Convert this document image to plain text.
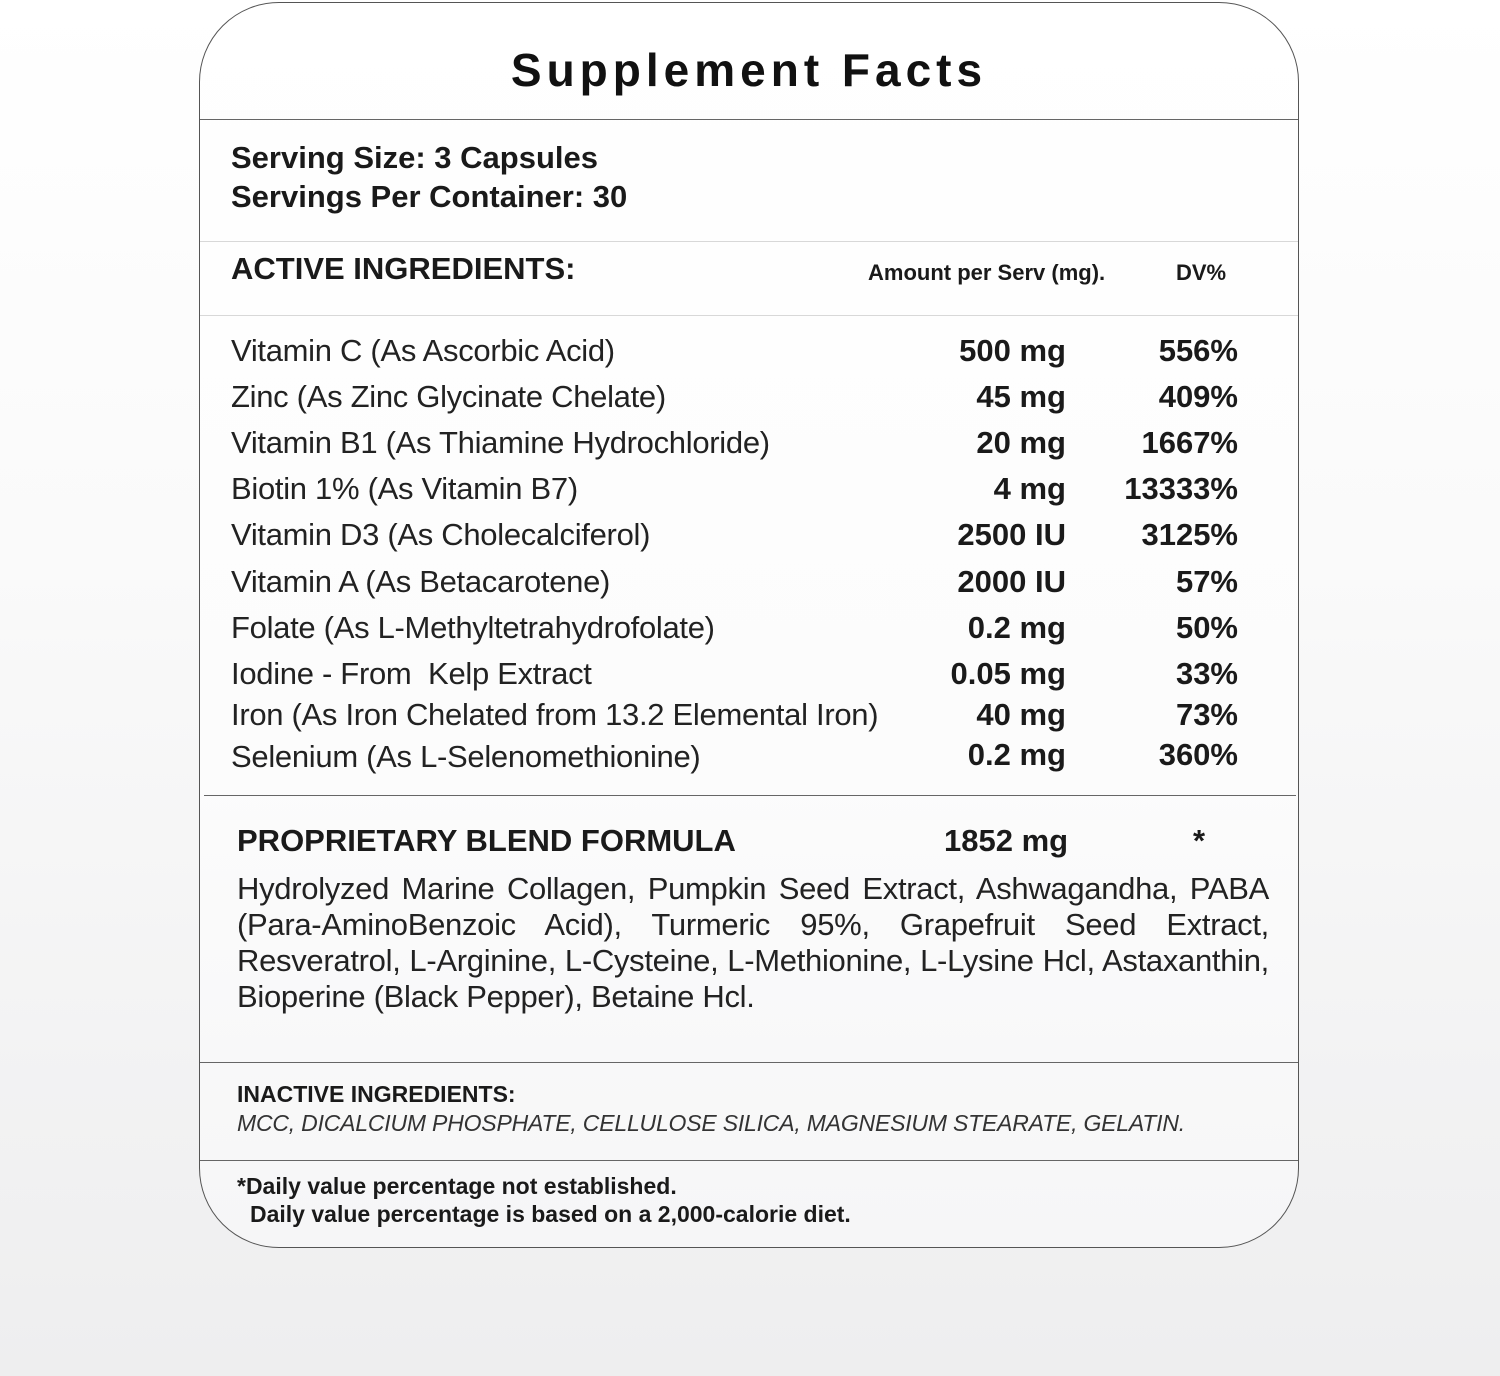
Supplement Facts
Serving Size: 3 Capsules
Servings Per Container: 30
ACTIVE INGREDIENTS:	Amount per Serv (mg).	DV%
Vitamin C (As Ascorbic Acid)	500 mg	556%
Zinc (As Zinc Glycinate Chelate)	45 mg	409%
Vitamin B1 (As Thiamine Hydrochloride)	20 mg 1667%
Biotin 1% (As Vitamin B7)	4 mg 13333%
Vitamin D3 (As Cholecalciferol)	2500 IU 3125%
Vitamin A (As Betacarotene)	2000 IU	57%
Folate (As L-Methyltetrahydrofolate)	0.2 mg	50%
Iodine - From  Kelp Extract	0.05 mg	33%
Iron (As Iron Chelated from 13.2 Elemental Iron)	40 mg	73%
Selenium (As L-Selenomethionine)	0.2 mg	360%
PROPRIETARY BLEND FORMULA	1852 mg	*
Hydrolyzed Marine Collagen, Pumpkin Seed Extract, Ashwagandha, PABA (Para-AminoBenzoic Acid), Turmeric 95%, Grapefruit Seed Extract, Resveratrol, L-Arginine, L-Cysteine, L-Methionine, L-Lysine Hcl, Astaxanthin, Bioperine (Black Pepper), Betaine Hcl.
INACTIVE INGREDIENTS:
MCC, DICALCIUM PHOSPHATE, CELLULOSE SILICA, MAGNESIUM STEARATE, GELATIN.
*Daily value percentage not established.
Daily value percentage is based on a 2,000-calorie diet.
